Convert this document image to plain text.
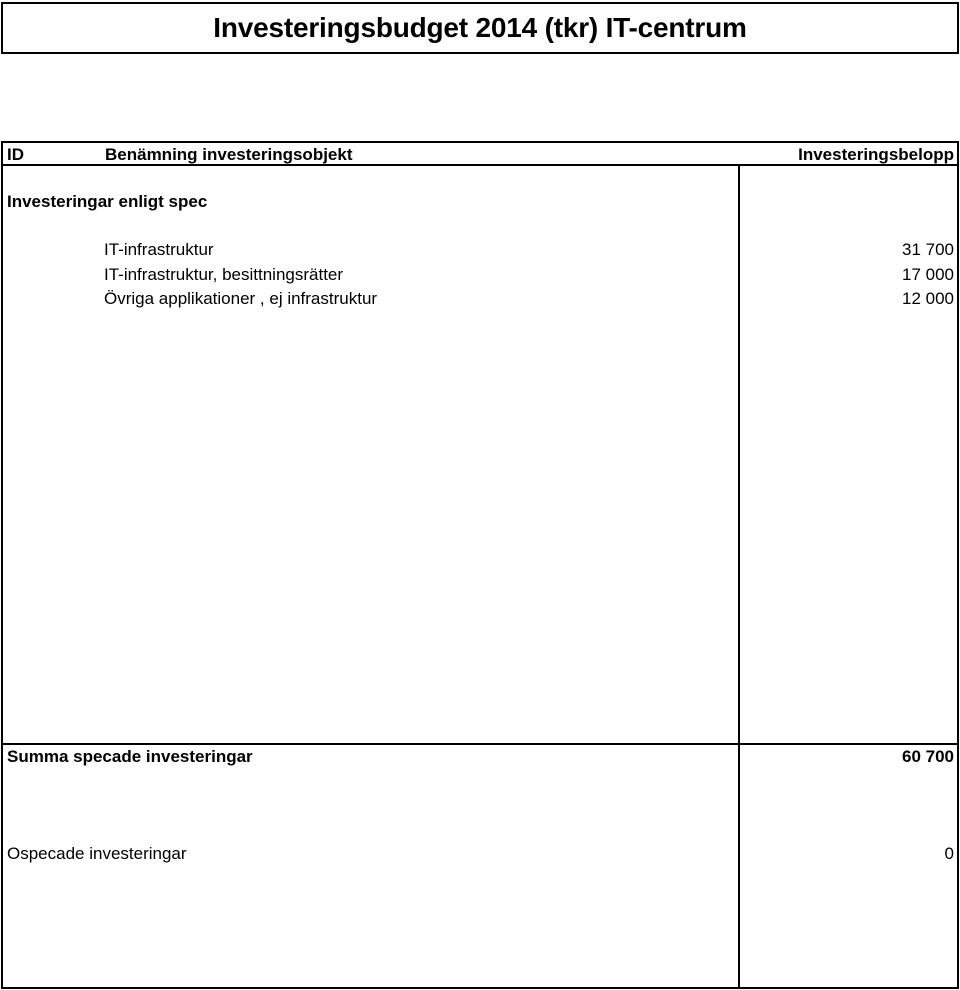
Investeringsbudget 2014 (tkr) IT-centrum
ID	Benämning investeringsobjekt	Investeringsbelopp
Investeringar enligt spec
IT-infrastruktur	31 700
IT-infrastruktur, besittningsrätter	17 000
Övriga applikationer , ej infrastruktur	12 000
Summa specade investeringar	60 700
Ospecade investeringar	0
